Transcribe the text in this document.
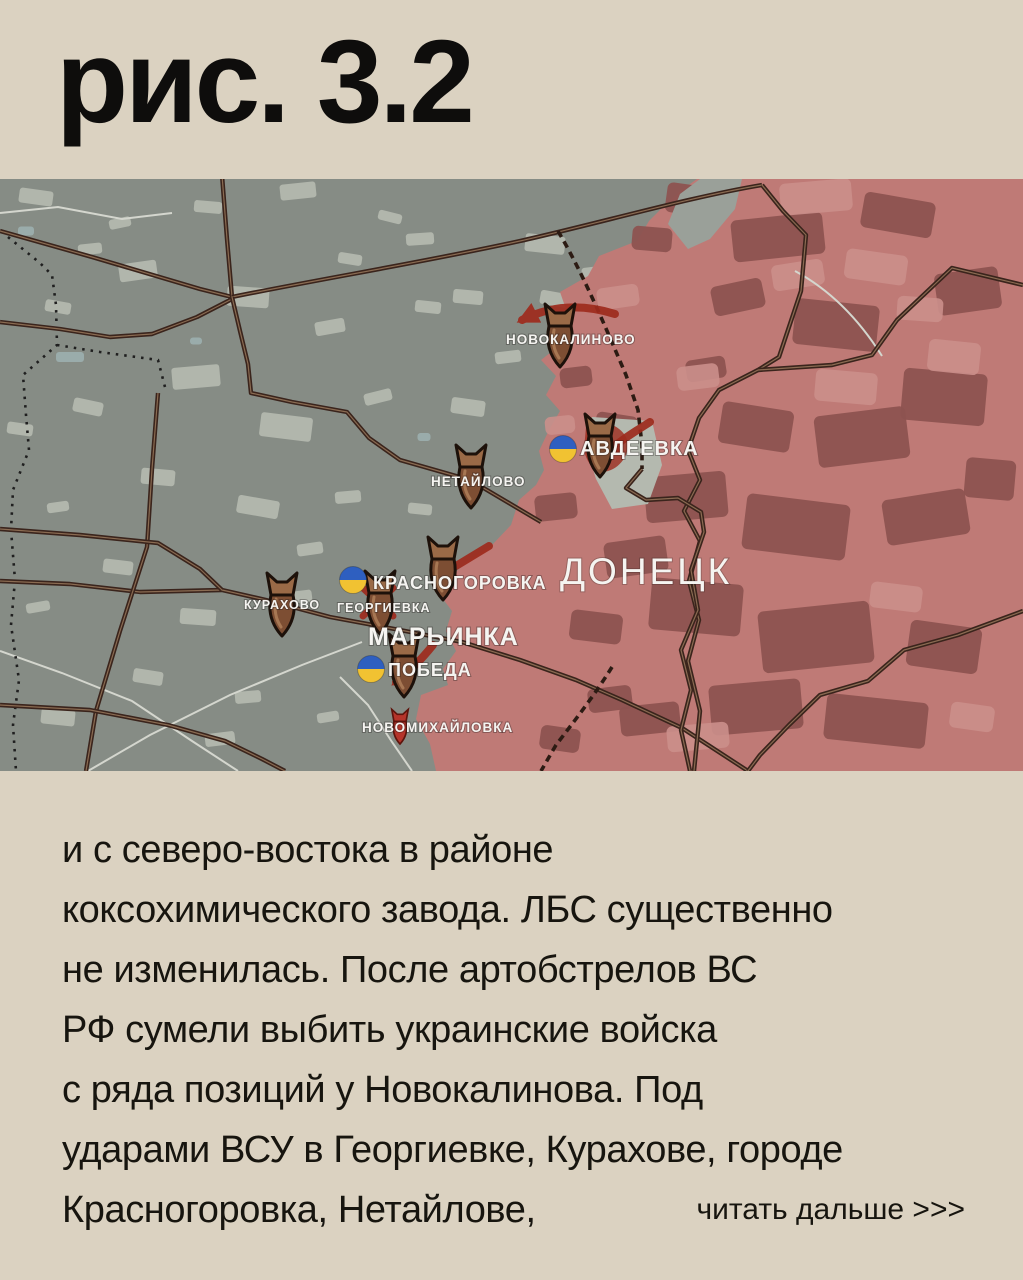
рис. 3.2
НОВОКАЛИНОВО
АВДЕЕВКА
НЕТАЙЛОВО
КРАСНОГОРОВКА
ГЕОРГИЕВКА
КУРАХОВО
МАРЬИНКА
ПОБЕДА
НОВОМИХАЙЛОВКА
ДОНЕЦК
и с северо-востока в районе
коксохимического завода. ЛБС существенно
не изменилась. После артобстрелов ВС
РФ сумели выбить украинские войска
с ряда позиций у Новокалинова. Под
ударами ВСУ в Георгиевке, Курахове, городе
Красногоровка, Нетайлове,	читать дальше >>>
